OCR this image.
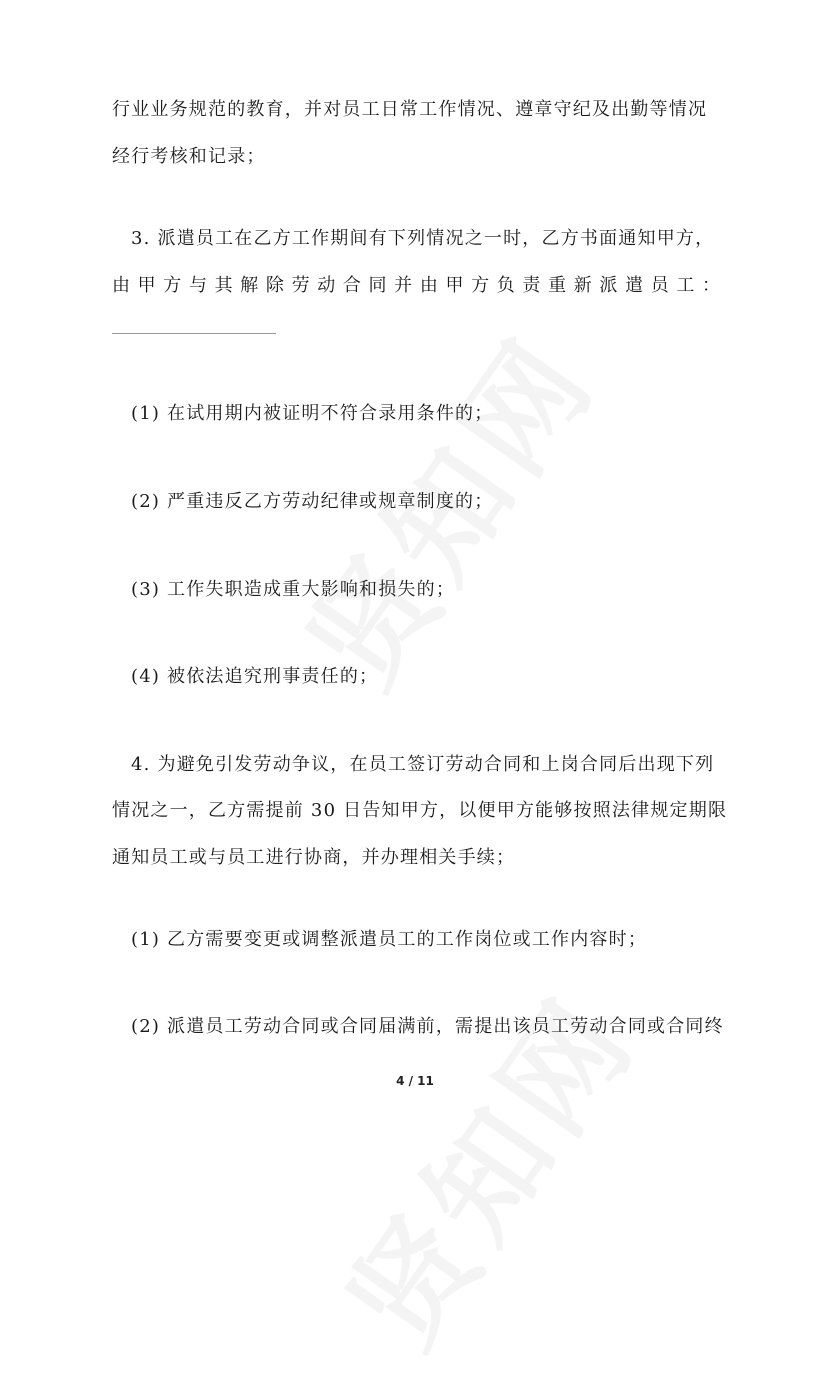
行业业务规范的教育，并对员工日常工作情况、遵章守纪及出勤等情况
经行考核和记录；
3. 派遣员工在乙方工作期间有下列情况之一时，乙方书面通知甲方，
由甲方与其解除劳动合同并由甲方负责重新派遣员工：
(1) 在试用期内被证明不符合录用条件的；
(2) 严重违反乙方劳动纪律或规章制度的；
(3) 工作失职造成重大影响和损失的；
(4) 被依法追究刑事责任的；
4. 为避免引发劳动争议，在员工签订劳动合同和上岗合同后出现下列
情况之一，乙方需提前 30 日告知甲方，以便甲方能够按照法律规定期限
通知员工或与员工进行协商，并办理相关手续；
(1) 乙方需要变更或调整派遣员工的工作岗位或工作内容时；
(2) 派遣员工劳动合同或合同届满前，需提出该员工劳动合同或合同终
4 / 11
